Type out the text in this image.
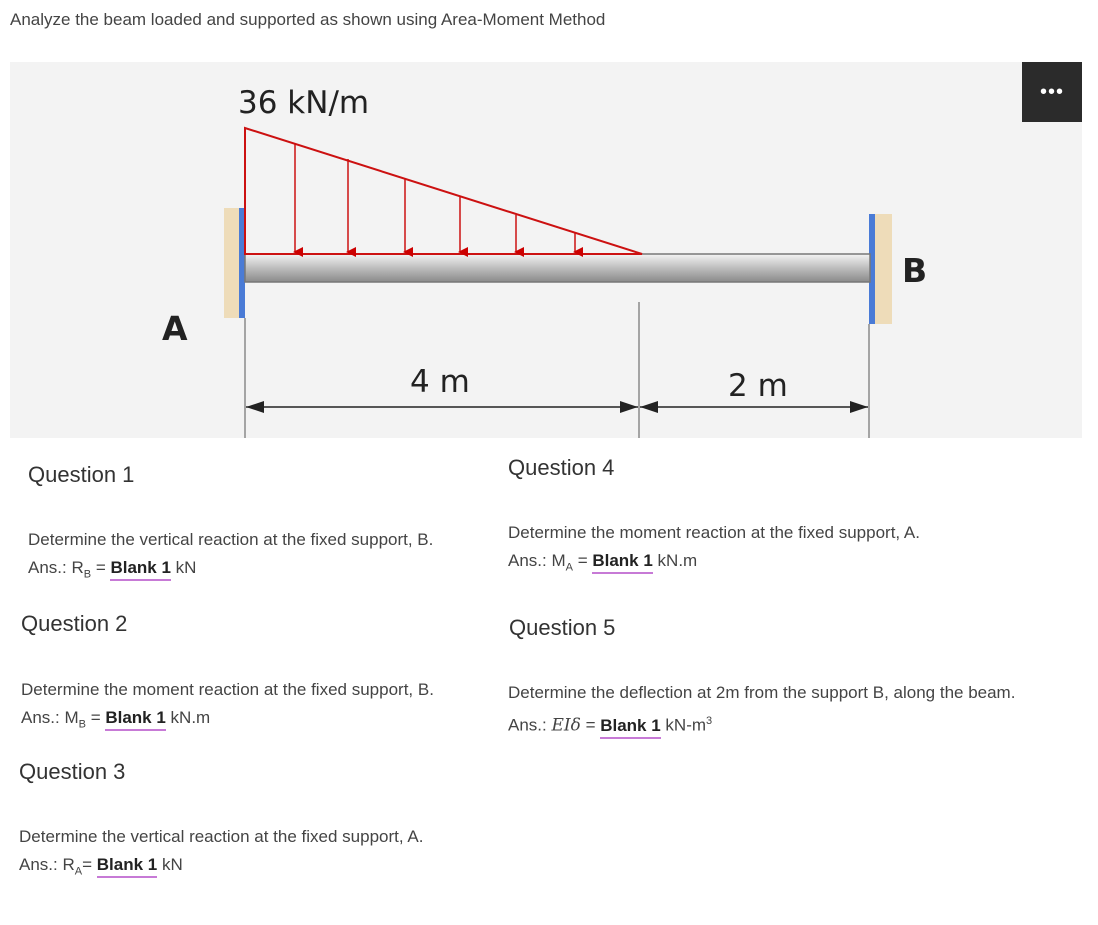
Analyze the beam loaded and supported as shown using Area-Moment Method
36 kN/m
A
B
4 m	2 m
•••
Question 1
Determine the vertical reaction at the fixed support, B.
Ans.: $R_B$ = Blank 1 kN
Question 2
Determine the moment reaction at the fixed support, B.
Ans.: $M_B$ = Blank 1 kN.m
Question 3
Determine the vertical reaction at the fixed support, A.
Ans.: $R_A=$ Blank 1 kN
Question 4
Determine the moment reaction at the fixed support, A.
Ans.: $M_A$ = Blank 1 kN.m
Question 5
Determine the deflection at 2m from the support B, along the beam.
Ans.: EIδ = Blank 1 $kN-m^3$
